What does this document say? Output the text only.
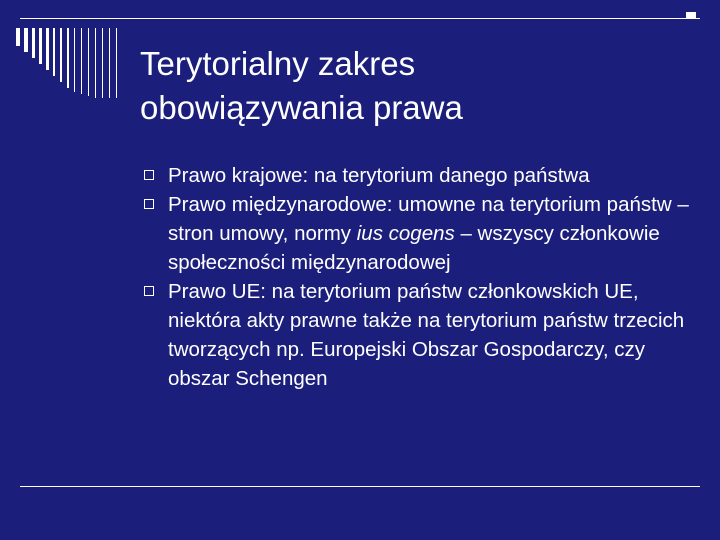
Terytorialny zakres
obowiązywania prawa
Prawo krajowe: na terytorium danego państwa
Prawo międzynarodowe: umowne na terytorium państw – stron umowy, normy ius cogens – wszyscy członkowie społeczności międzynarodowej
Prawo UE: na terytorium państw członkowskich UE, niektóra akty prawne także na terytorium państw trzecich tworzących np. Europejski Obszar Gospodarczy, czy obszar Schengen
